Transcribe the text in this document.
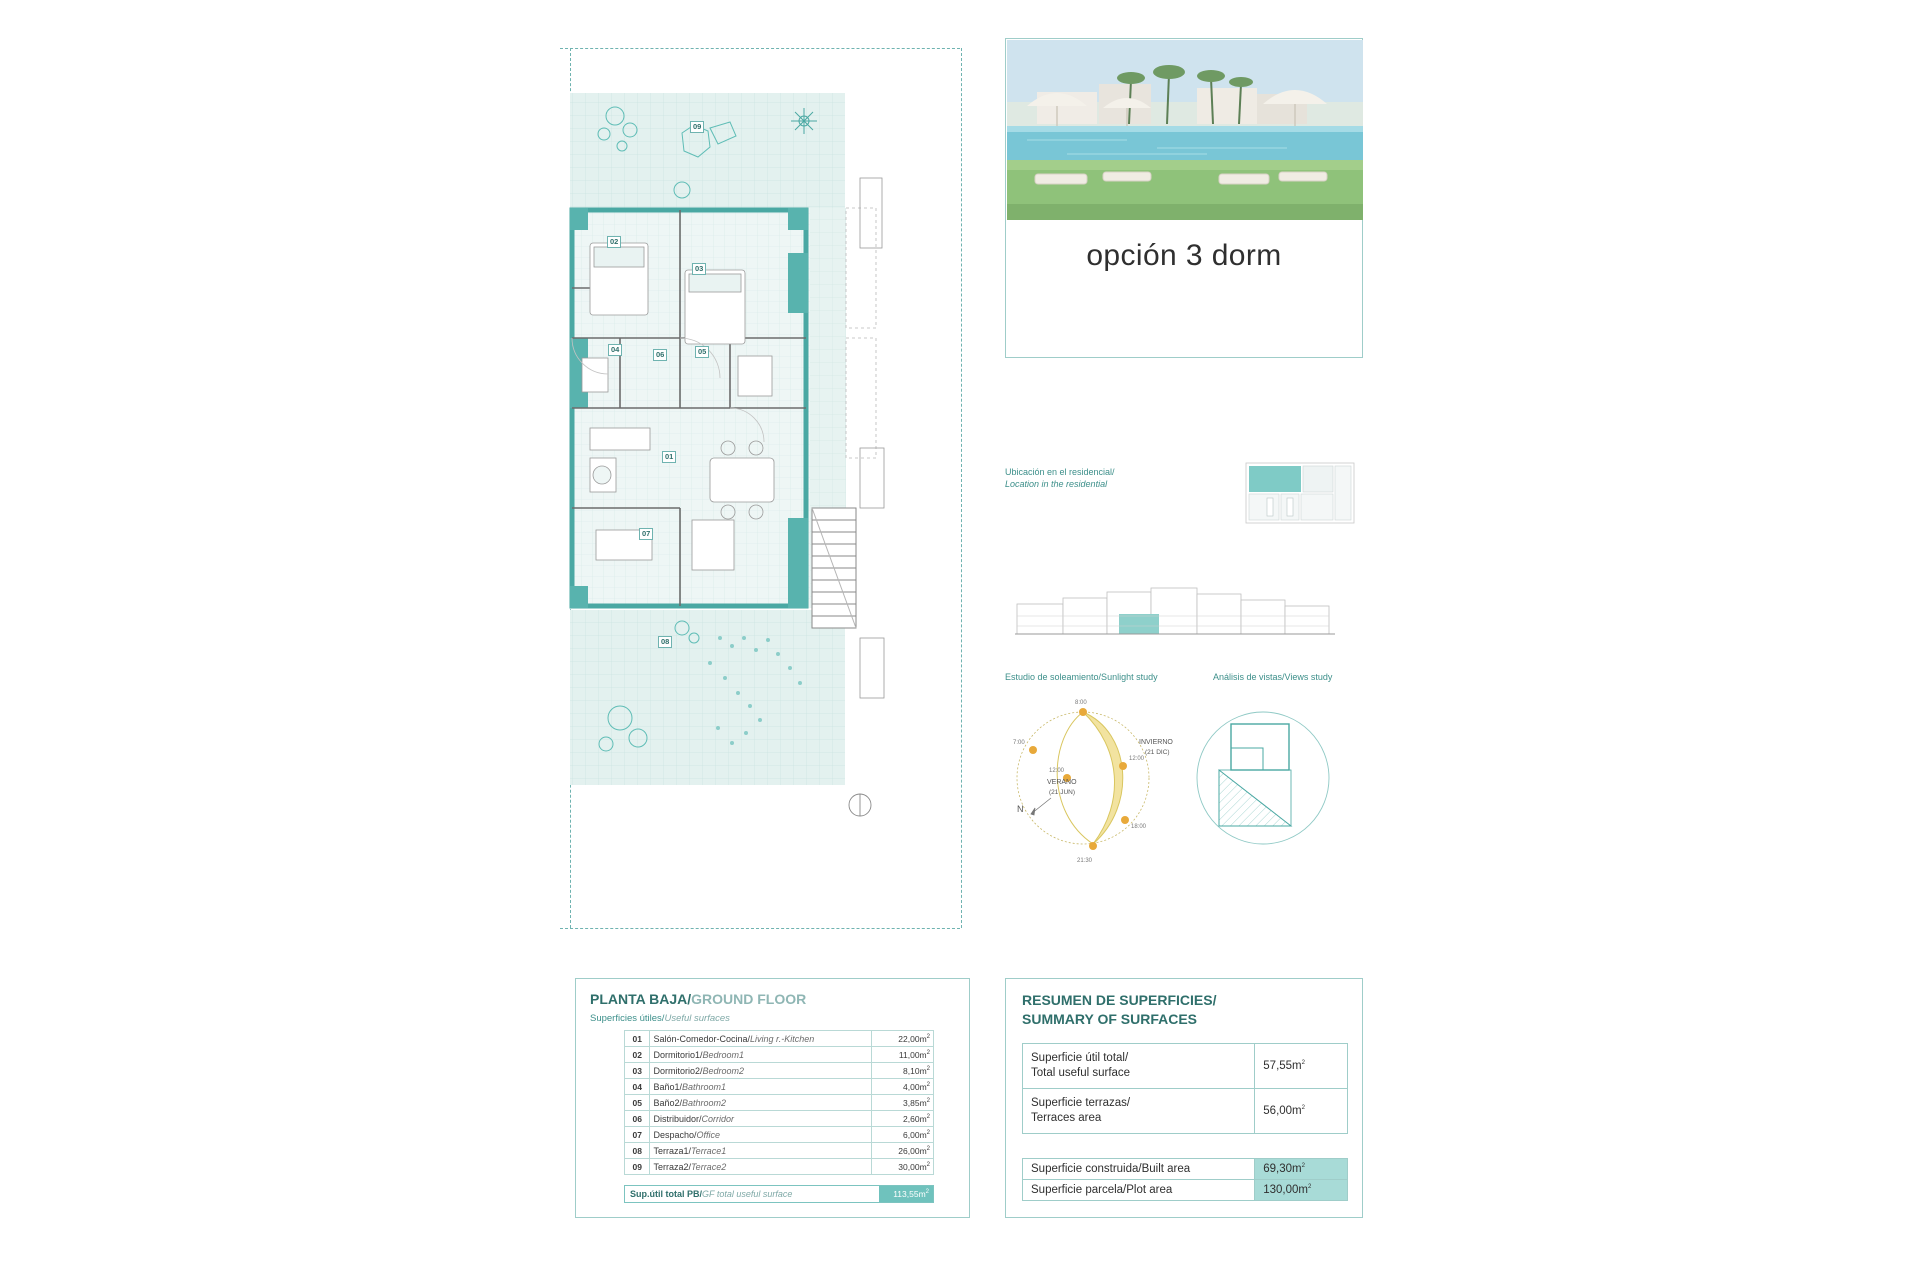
01
02
03
04	05
06
07
08
09
opción 3 dorm
Ubicación en el residencial/
Location in the residential
Estudio de soleamiento/Sunlight study	Análisis de vistas/Views study
8:00
7:00
12:00
12:00
18:00
21:30
INVIERNO
(21 DIC)
VERANO
(21 JUN)
N
PLANTA BAJA/GROUND FLOOR
Superficies útiles/Useful surfaces
01	Salón-Comedor-Cocina/Living r.-Kitchen	$22,00m^2$
02	Dormitorio1/Bedroom1	$11,00m^2$
03	Dormitorio2/Bedroom2	$8,10m^2$
04	Baño1/Bathroom1	$4,00m^2$
05	Baño2/Bathroom2	$3,85m^2$
06	Distribuidor/Corridor	$2,60m^2$
07	Despacho/Office	$6,00m^2$
08	Terraza1/Terrace1	$26,00m^2$
09	Terraza2/Terrace2	$30,00m^2$
Sup.útil total PB/GF total useful surface	$113,55m^2$
RESUMEN DE SUPERFICIES/
SUMMARY OF SURFACES
Superficie útil total/
Total useful surface	$57,55m^2$

Superficie terrazas/
Terraces area	$56,00m^2$
Superficie construida/Built area	$69,30m^2$
Superficie parcela/Plot area	$130,00m^2$
